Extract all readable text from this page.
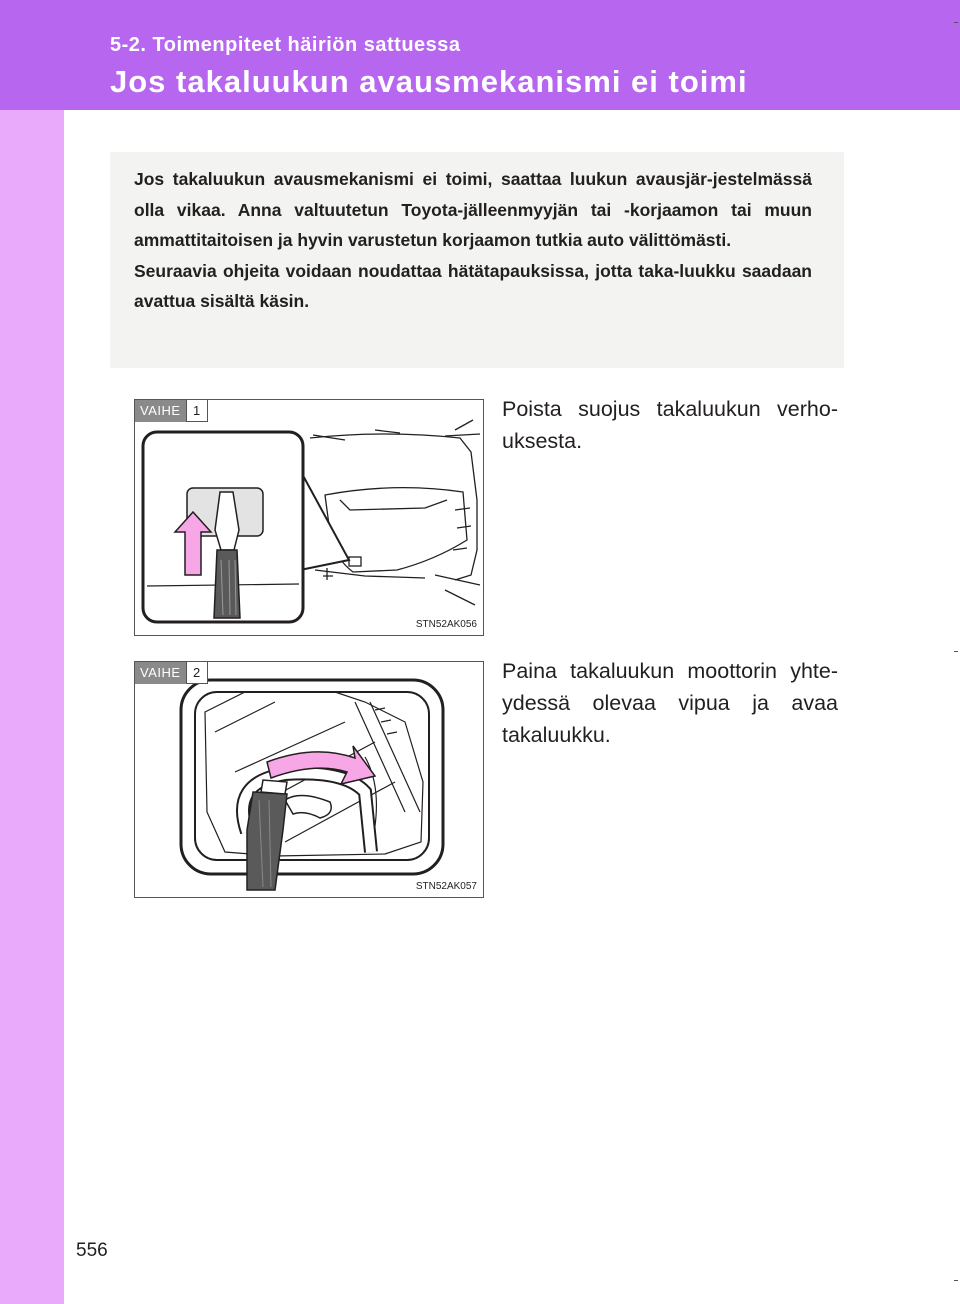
5-2. Toimenpiteet häiriön sattuessa
Jos takaluukun avausmekanismi ei toimi

Jos takaluukun avausmekanismi ei toimi, saattaa luukun avausjär-jestelmässä olla vikaa. Anna valtuutetun Toyota-jälleenmyyjän tai -korjaamon tai muun ammattitaitoisen ja hyvin varustetun korjaamon tutkia auto välittömästi.

Seuraavia ohjeita voidaan noudattaa hätätapauksissa, jotta taka-luukku saadaan avattua sisältä käsin.

VAIHE 1
STN52AK056
Poista suojus takaluukun verho-uksesta.
VAIHE 2
STN52AK057
Paina takaluukun moottorin yhte-ydessä olevaa vipua ja avaa takaluukku.
556
